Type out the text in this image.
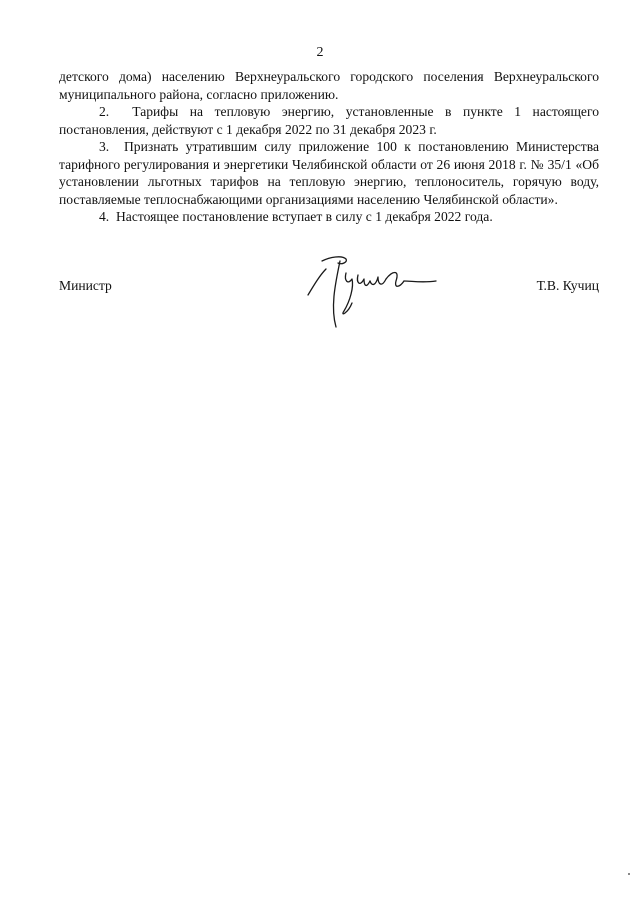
2

детского дома) населению Верхнеуральского городского поселения Верхнеуральского муниципального района, согласно приложению.

2.  Тарифы на тепловую энергию, установленные в пункте 1 настоящего постановления, действуют с 1 декабря 2022 по 31 декабря 2023 г.

3.  Признать утратившим силу приложение 100 к постановлению Министерства тарифного регулирования и энергетики Челябинской области от 26 июня 2018 г. № 35/1 «Об установлении льготных тарифов на тепловую энергию, теплоноситель, горячую воду, поставляемые теплоснабжающими организациями населению Челябинской области».

4.  Настоящее постановление вступает в силу с 1 декабря 2022 года.

Министр	Т.В. Кучиц
